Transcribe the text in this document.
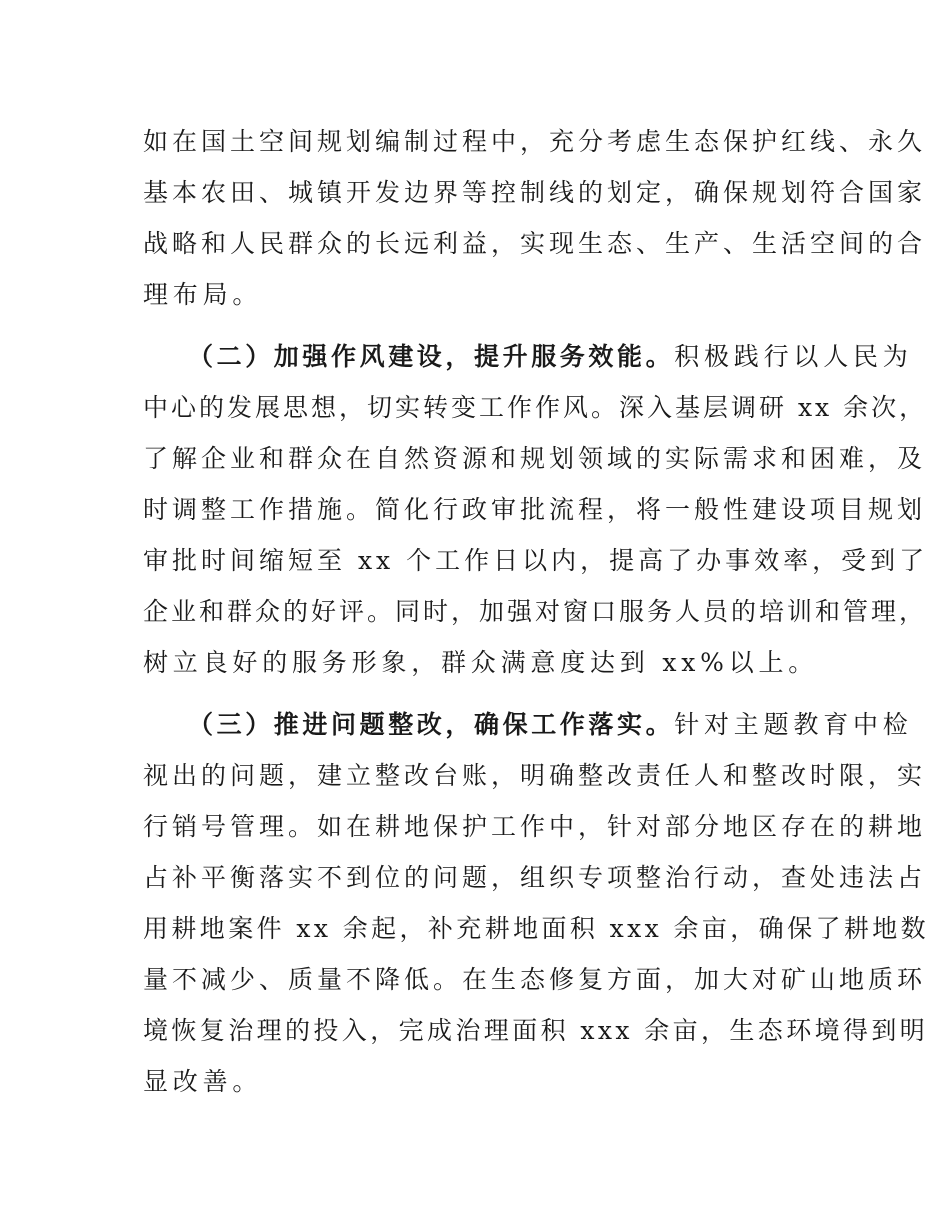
如在国土空间规划编制过程中，充分考虑生态保护红线、永久
基本农田、城镇开发边界等控制线的划定，确保规划符合国家
战略和人民群众的长远利益，实现生态、生产、生活空间的合
理布局。
（二）加强作风建设，提升服务效能。积极践行以人民为
中心的发展思想，切实转变工作作风。深入基层调研 xx 余次，
了解企业和群众在自然资源和规划领域的实际需求和困难，及
时调整工作措施。简化行政审批流程，将一般性建设项目规划
审批时间缩短至 xx 个工作日以内，提高了办事效率，受到了
企业和群众的好评。同时，加强对窗口服务人员的培训和管理，
树立良好的服务形象，群众满意度达到 xx%以上。
（三）推进问题整改，确保工作落实。针对主题教育中检
视出的问题，建立整改台账，明确整改责任人和整改时限，实
行销号管理。如在耕地保护工作中，针对部分地区存在的耕地
占补平衡落实不到位的问题，组织专项整治行动，查处违法占
用耕地案件 xx 余起，补充耕地面积 xxx 余亩，确保了耕地数
量不减少、质量不降低。在生态修复方面，加大对矿山地质环
境恢复治理的投入，完成治理面积 xxx 余亩，生态环境得到明
显改善。
